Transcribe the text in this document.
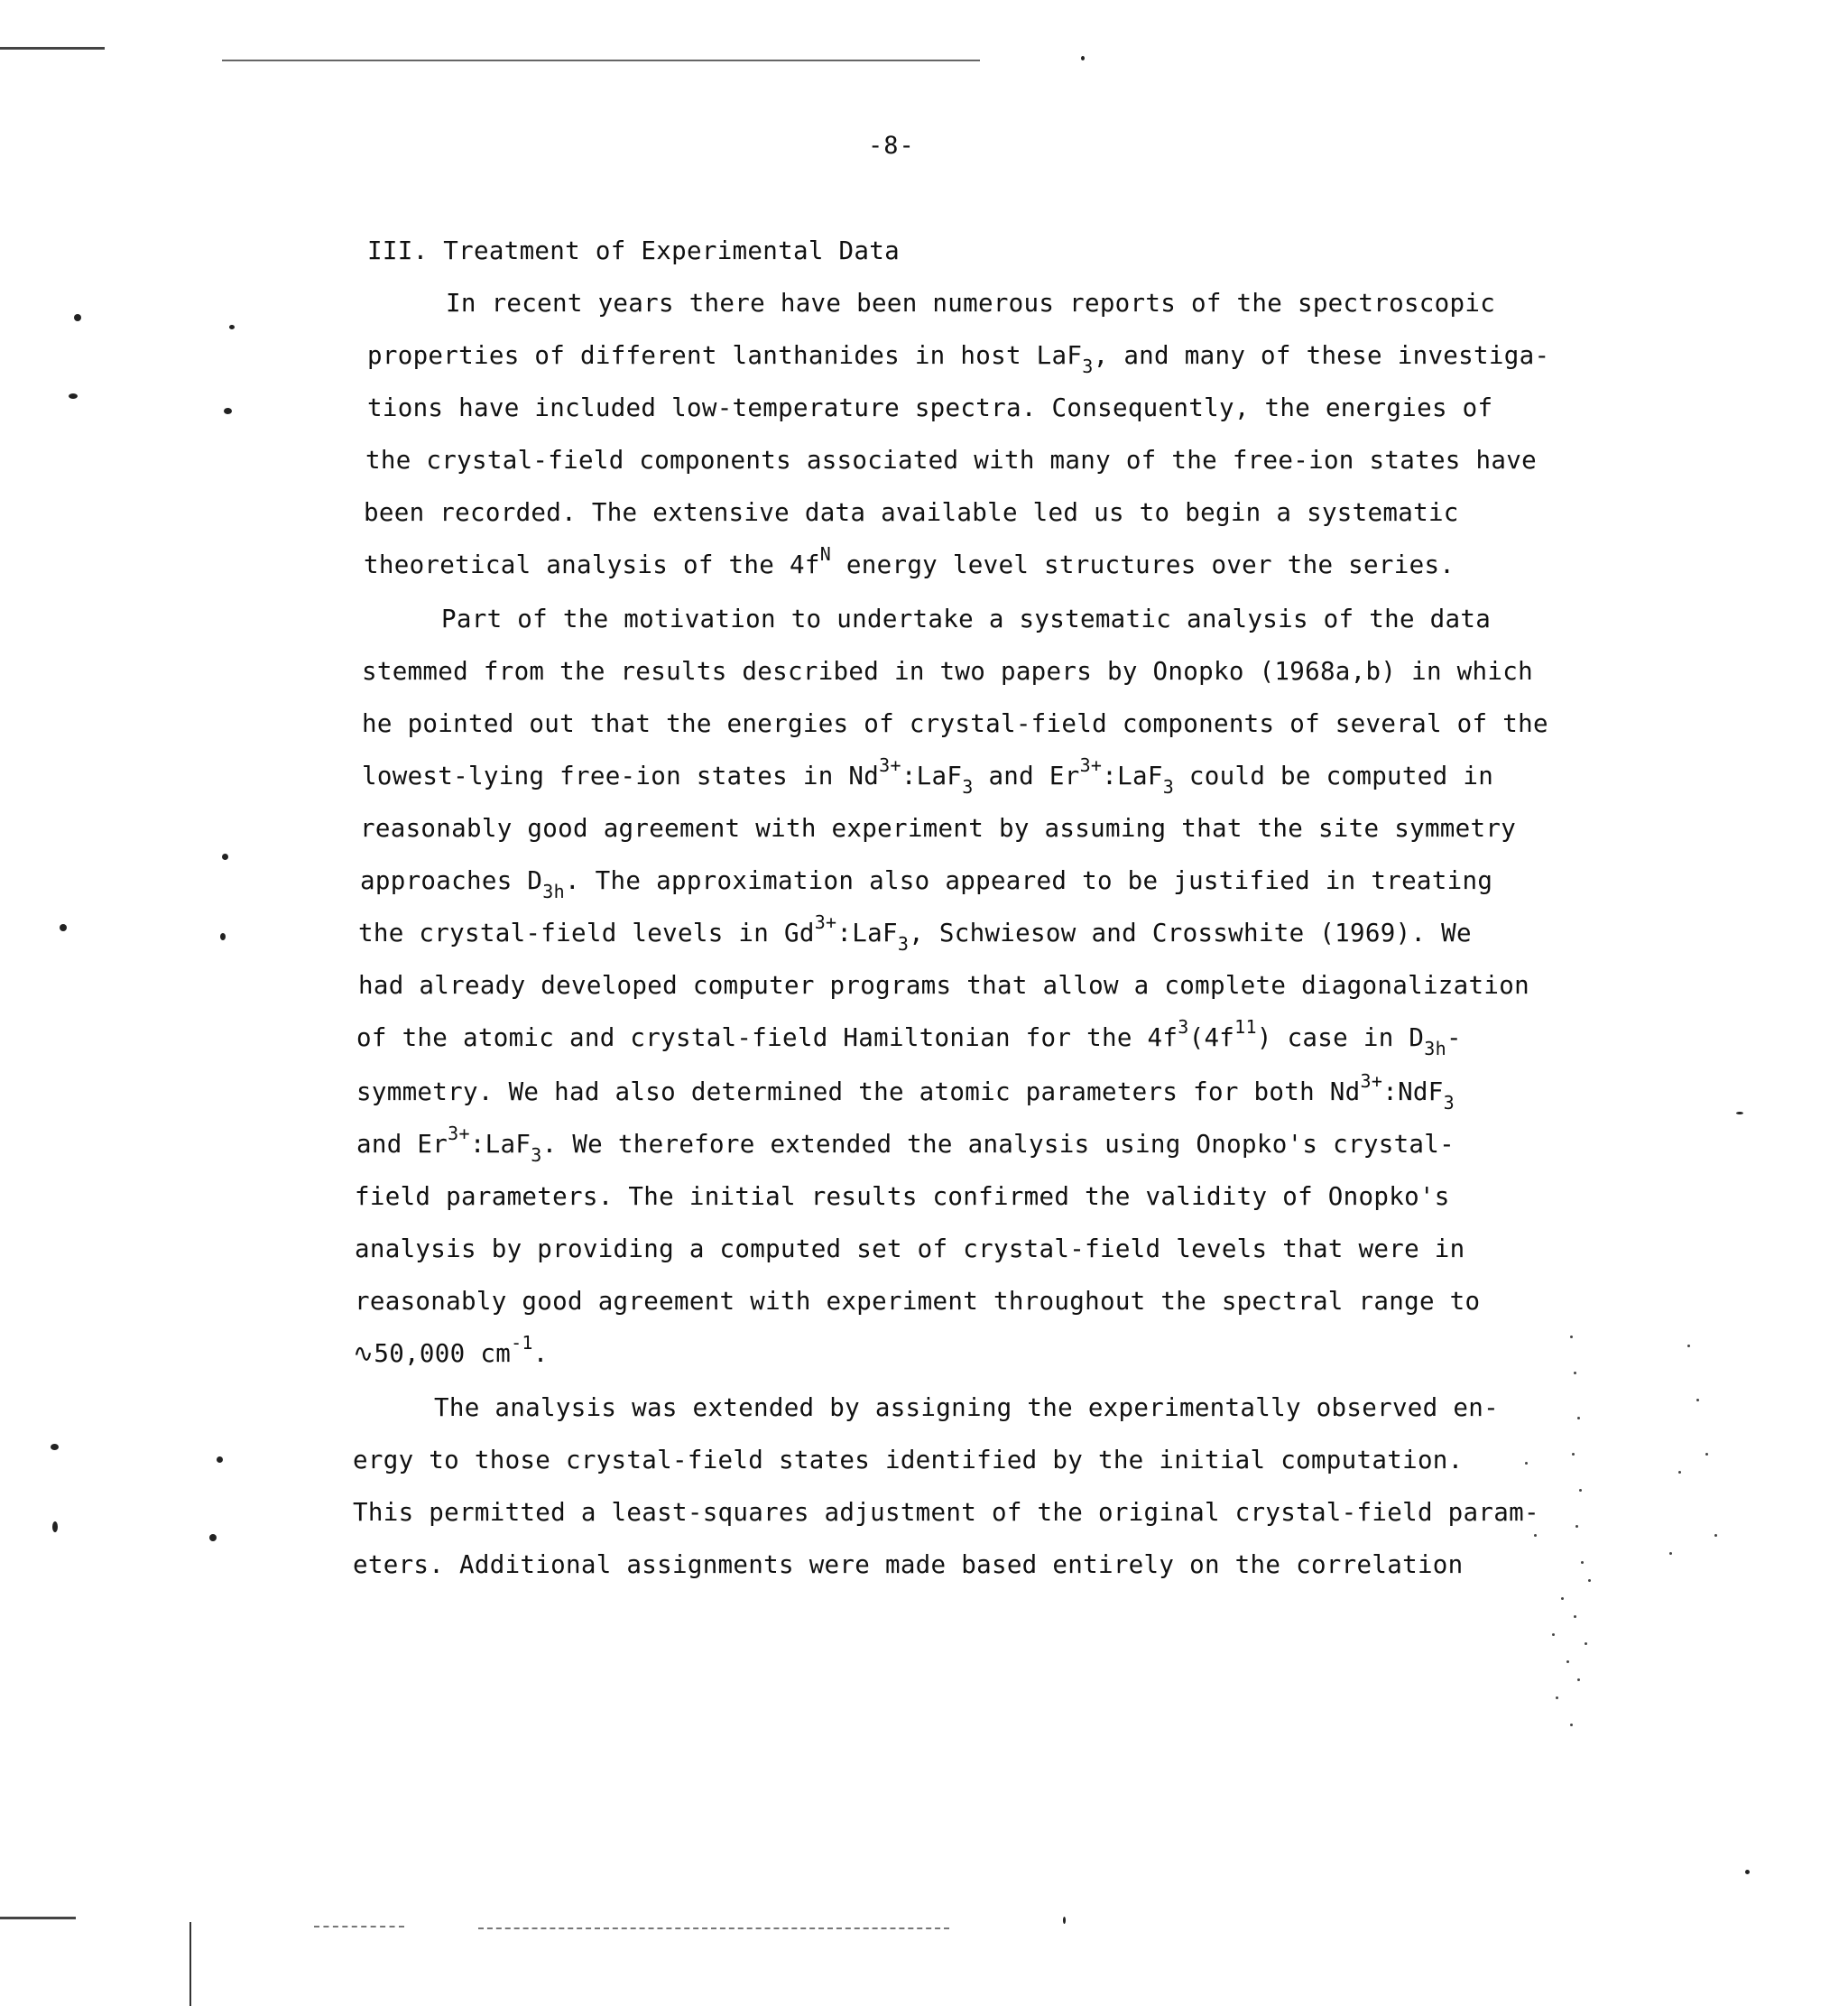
-8-
III. Treatment of Experimental Data
In recent years there have been numerous reports of the spectroscopic
properties of different lanthanides in host LaF$_3$, and many of these investiga-
tions have included low-temperature spectra. Consequently, the energies of
the crystal-field components associated with many of the free-ion states have
been recorded. The extensive data available led us to begin a systematic
theoretical analysis of the $4f^N$ energy level structures over the series.
Part of the motivation to undertake a systematic analysis of the data
stemmed from the results described in two papers by Onopko (1968a,b) in which
he pointed out that the energies of crystal-field components of several of the
lowest-lying free-ion states in $Nd^{3+}:LaF_3$ and $Er^{3+}:LaF_3$ could be computed in
reasonably good agreement with experiment by assuming that the site symmetry
approaches $D_{3h}$. The approximation also appeared to be justified in treating
the crystal-field levels in $Gd^{3+}:LaF_3$, Schwiesow and Crosswhite (1969). We
had already developed computer programs that allow a complete diagonalization
of the atomic and crystal-field Hamiltonian for the $4f^3(4f^{11})$ case in $D_{3h}-$
symmetry. We had also determined the atomic parameters for both $Nd^{3+}:NdF_3$
and $Er^{3+}:LaF_3$. We therefore extended the analysis using Onopko's crystal-
field parameters. The initial results confirmed the validity of Onopko's
analysis by providing a computed set of crystal-field levels that were in
reasonably good agreement with experiment throughout the spectral range to
∿50,000 $cm^{-1}$.
The analysis was extended by assigning the experimentally observed en-
ergy to those crystal-field states identified by the initial computation.
This permitted a least-squares adjustment of the original crystal-field param-
eters. Additional assignments were made based entirely on the correlation
